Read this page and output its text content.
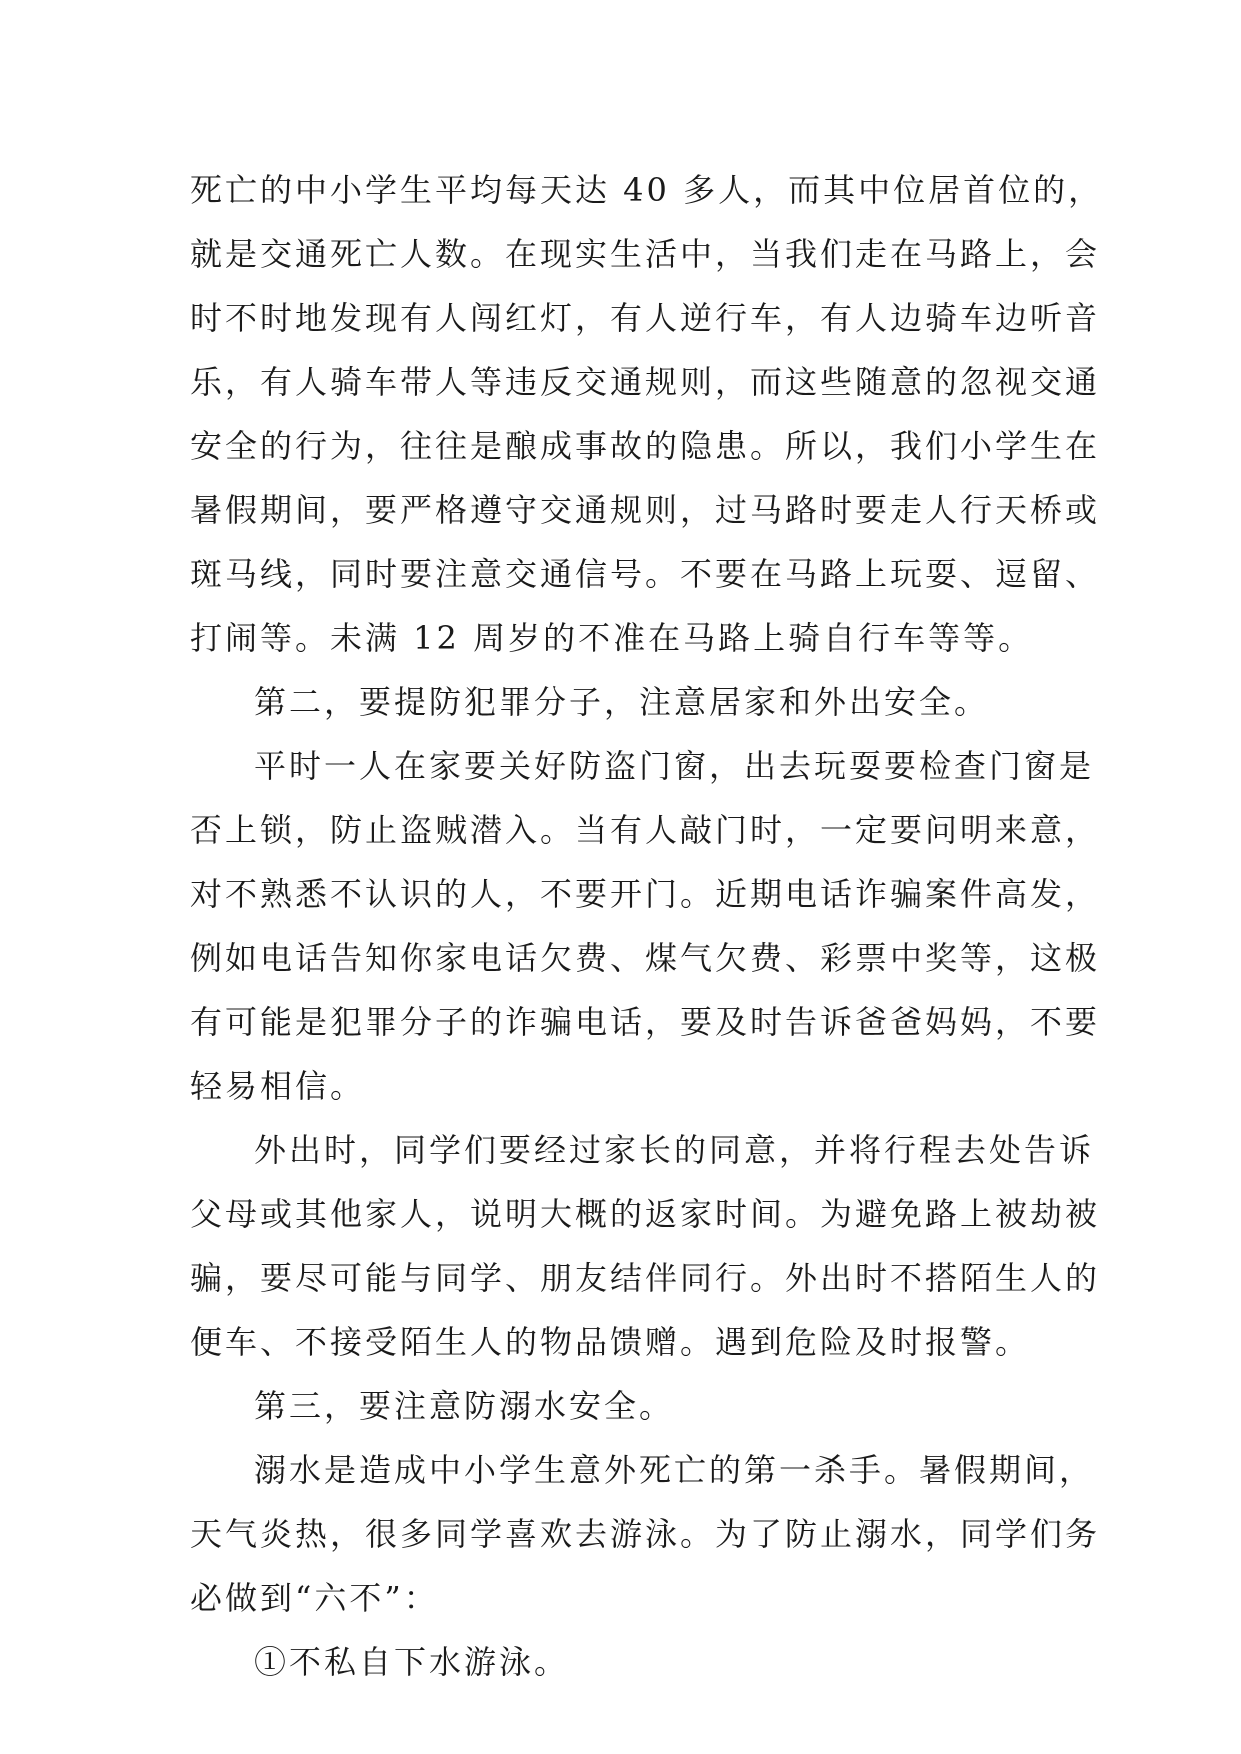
死亡的中小学生平均每天达 40 多人，而其中位居首位的，
就是交通死亡人数。在现实生活中，当我们走在马路上，会
时不时地发现有人闯红灯，有人逆行车，有人边骑车边听音
乐，有人骑车带人等违反交通规则，而这些随意的忽视交通
安全的行为，往往是酿成事故的隐患。所以，我们小学生在
暑假期间，要严格遵守交通规则，过马路时要走人行天桥或
斑马线，同时要注意交通信号。不要在马路上玩耍、逗留、
打闹等。未满 12 周岁的不准在马路上骑自行车等等。
第二，要提防犯罪分子，注意居家和外出安全。
平时一人在家要关好防盗门窗，出去玩耍要检查门窗是
否上锁，防止盗贼潜入。当有人敲门时，一定要问明来意，
对不熟悉不认识的人，不要开门。近期电话诈骗案件高发，
例如电话告知你家电话欠费、煤气欠费、彩票中奖等，这极
有可能是犯罪分子的诈骗电话，要及时告诉爸爸妈妈，不要
轻易相信。
外出时，同学们要经过家长的同意，并将行程去处告诉
父母或其他家人，说明大概的返家时间。为避免路上被劫被
骗，要尽可能与同学、朋友结伴同行。外出时不搭陌生人的
便车、不接受陌生人的物品馈赠。遇到危险及时报警。
第三，要注意防溺水安全。
溺水是造成中小学生意外死亡的第一杀手。暑假期间，
天气炎热，很多同学喜欢去游泳。为了防止溺水，同学们务
必做到“六不”：
①不私自下水游泳。
